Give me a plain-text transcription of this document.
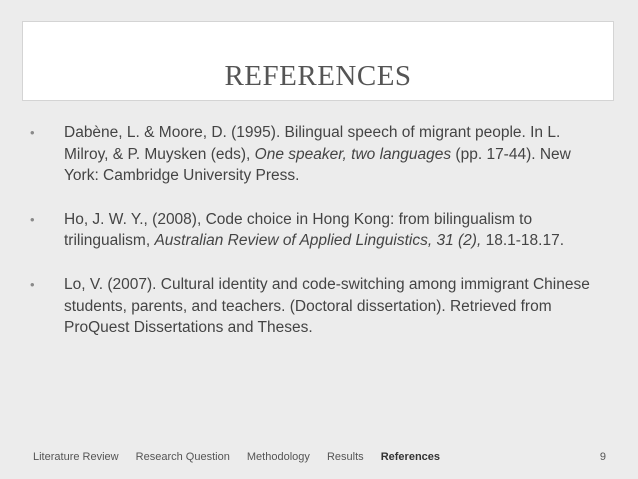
REFERENCES
•	Dabène, L. & Moore, D. (1995). Bilingual speech of migrant people. In L. Milroy, & P. Muysken (eds), One speaker, two languages (pp. 17-44). New York: Cambridge University Press.
•	Ho, J. W. Y., (2008), Code choice in Hong Kong: from bilingualism to trilingualism, Australian Review of Applied Linguistics, 31 (2), 18.1-18.17.
•	Lo, V. (2007). Cultural identity and code-switching among immigrant Chinese students, parents, and teachers. (Doctoral dissertation). Retrieved from ProQuest Dissertations and Theses.
Literature Review Research Question Methodology Results References	9
